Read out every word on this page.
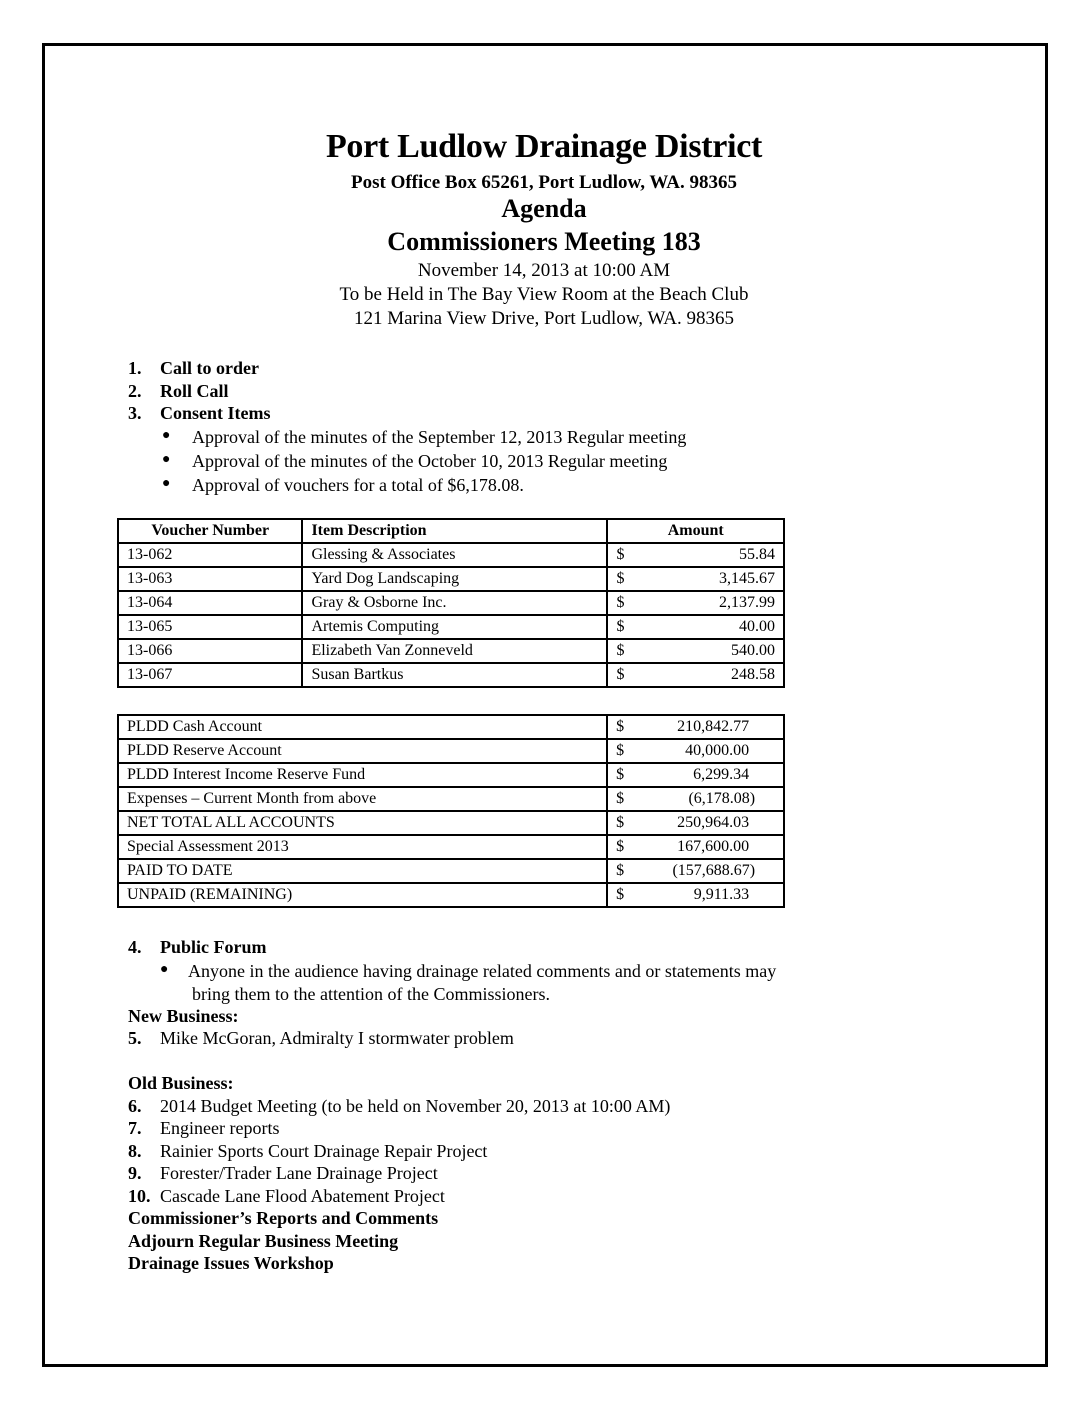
Port Ludlow Drainage District
Post Office Box 65261, Port Ludlow, WA. 98365
Agenda
Commissioners Meeting 183
November 14, 2013 at 10:00 AM
To be Held in The Bay View Room at the Beach Club
121 Marina View Drive, Port Ludlow, WA. 98365
1. Call to order
2. Roll Call
3. Consent Items
● Approval of the minutes of the September 12, 2013 Regular meeting
● Approval of the minutes of the October 10, 2013 Regular meeting
● Approval of vouchers for a total of $6,178.08.
Voucher Number	Item Description	Amount
13-062	Glessing & Associates	$ 55.84

13-063	Yard Dog Landscaping	$ 3,145.67

13-064	Gray & Osborne Inc.	$ 2,137.99

13-065	Artemis Computing	$ 40.00

13-066	Elizabeth Van Zonneveld	$ 540.00

13-067	Susan Bartkus	$ 248.58
PLDD Cash Account	$ 210,842.77
PLDD Reserve Account	$ 40,000.00
PLDD Interest Income Reserve Fund	$ 6,299.34
Expenses – Current Month from above	$ (6,178.08)
NET TOTAL ALL ACCOUNTS	$ 250,964.03
Special Assessment 2013	$ 167,600.00
PAID TO DATE	$ (157,688.67)
UNPAID (REMAINING)	$ 9,911.33
4. Public Forum
● Anyone in the audience having drainage related comments and or statements may
bring them to the attention of the Commissioners.
New Business:
5. Mike McGoran, Admiralty I stormwater problem
Old Business:
6. 2014 Budget Meeting (to be held on November 20, 2013 at 10:00 AM)
7. Engineer reports
8. Rainier Sports Court Drainage Repair Project
9. Forester/Trader Lane Drainage Project
10. Cascade Lane Flood Abatement Project
Commissioner’s Reports and Comments
Adjourn Regular Business Meeting
Drainage Issues Workshop
